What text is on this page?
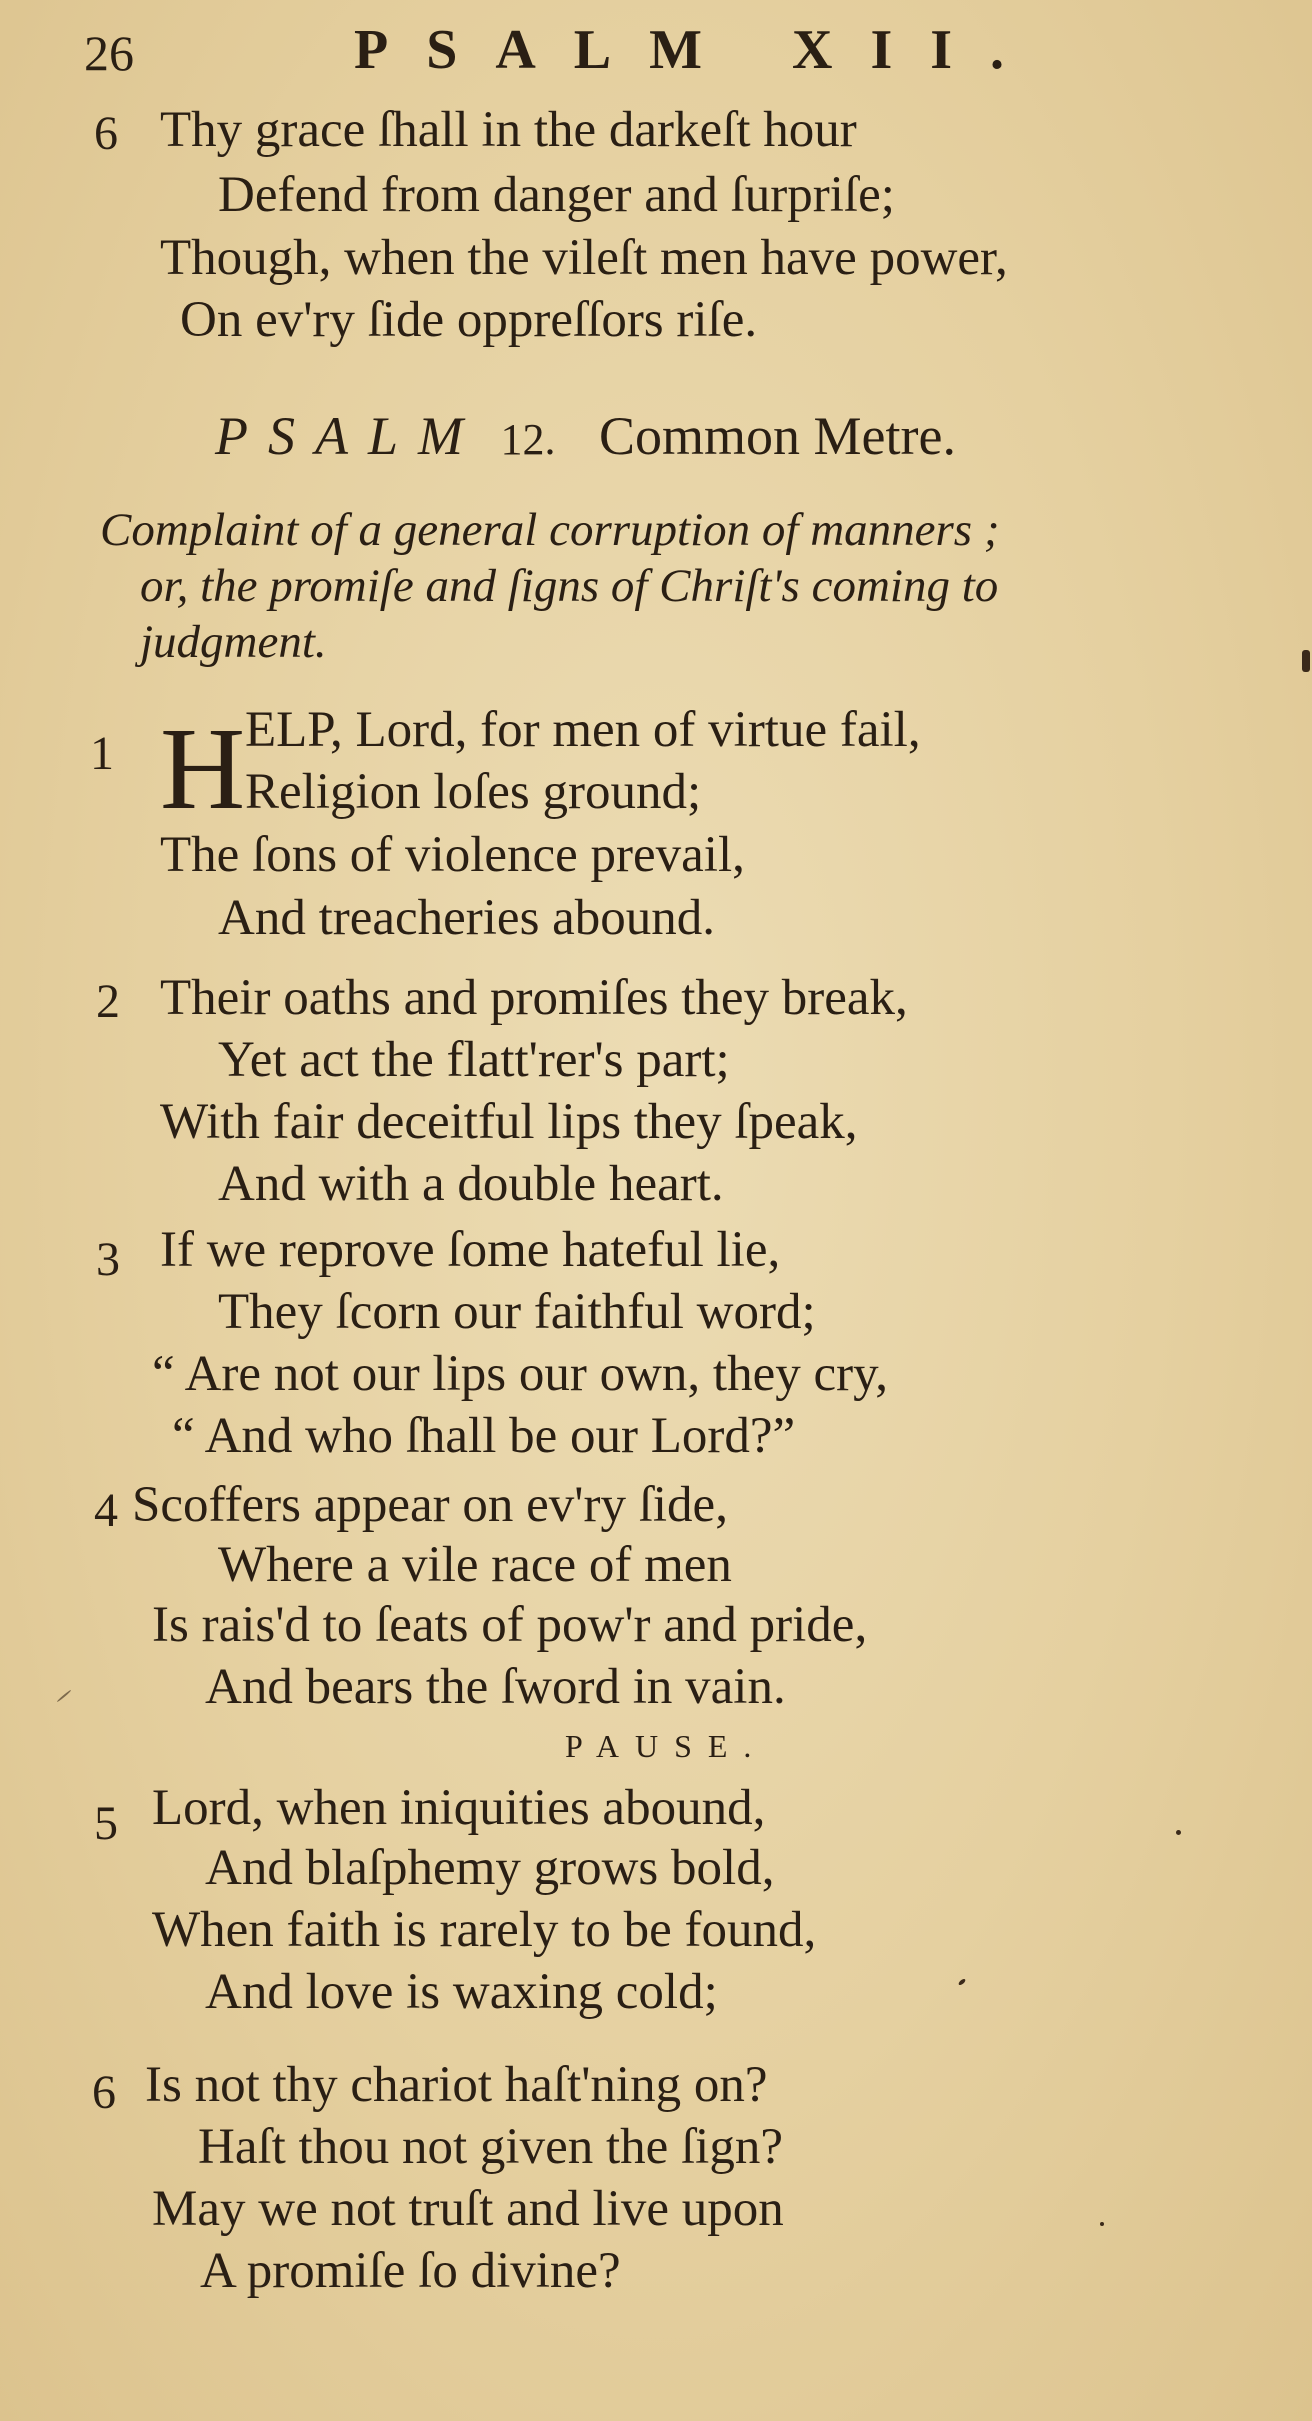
26	PSALM XII.
6 Thy grace ſhall in the darkeſt hour
Defend from danger and ſurpriſe;
Though, when the vileſt men have power,
On ev'ry ſide oppreſſors riſe.
PSALM 12. Common Metre.
Complaint of a general corruption of manners ;
or, the promiſe and ſigns of Chriſt's coming to
judgment.
1 H ELP, Lord, for men of virtue fail,
Religion loſes ground;
The ſons of violence prevail,
And treacheries abound.
2 Their oaths and promiſes they break,
Yet act the flatt'rer's part;
With fair deceitful lips they ſpeak,
And with a double heart.
3 If we reprove ſome hateful lie,
They ſcorn our faithful word;
“ Are not our lips our own, they cry,
“ And who ſhall be our Lord?”
4 Scoffers appear on ev'ry ſide,
Where a vile race of men
Is rais'd to ſeats of pow'r and pride,
And bears the ſword in vain.
PAUSE.
5 Lord, when iniquities abound,
And blaſphemy grows bold,
When faith is rarely to be found,
And love is waxing cold;
6 Is not thy chariot haſt'ning on?
Haſt thou not given the ſign?
May we not truſt and live upon
A promiſe ſo divine?
